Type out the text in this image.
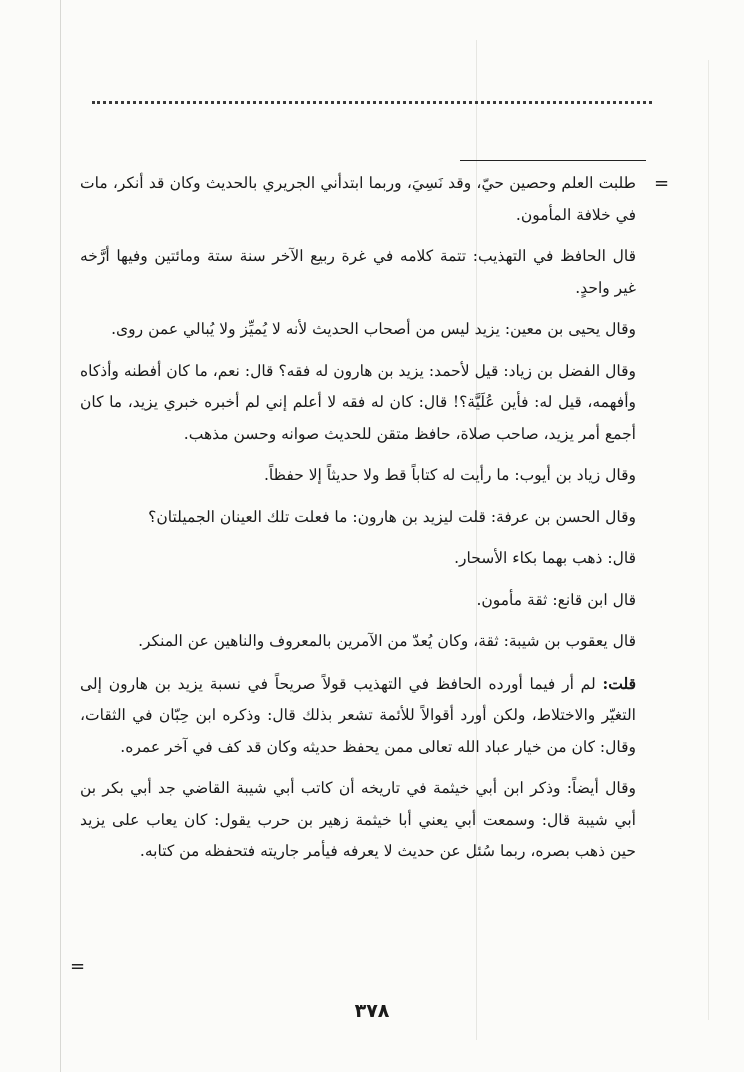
=
=

طلبت العلم وحصين حيّ، وقد نَسِيَ، وربما ابتدأني الجريري بالحديث وكان قد أنكر، مات في خلافة المأمون.

قال الحافظ في التهذيب: تتمة كلامه في غرة ربيع الآخر سنة ستة ومائتين وفيها أرَّخه غير واحدٍ.

وقال يحيى بن معين: يزيد ليس من أصحاب الحديث لأنه لا يُميِّز ولا يُبالي عمن روى.

وقال الفضل بن زياد: قيل لأحمد: يزيد بن هارون له فقه؟ قال: نعم، ما كان أفطنه وأذكاه وأفهمه، قيل له: فأين عُلَيَّة؟! قال: كان له فقه لا أعلم إني لم أخبره خبري يزيد، ما كان أجمع أمر يزيد، صاحب صلاة، حافظ متقن للحديث صوانه وحسن مذهب.

وقال زياد بن أيوب: ما رأيت له كتاباً قط ولا حديثاً إلا حفظاً.

وقال الحسن بن عرفة: قلت ليزيد بن هارون: ما فعلت تلك العينان الجميلتان؟

قال: ذهب بهما بكاء الأسحار.

قال ابن قانع: ثقة مأمون.

قال يعقوب بن شيبة: ثقة، وكان يُعدّ من الآمرين بالمعروف والناهين عن المنكر.

قلت: لم أر فيما أورده الحافظ في التهذيب قولاً صريحاً في نسبة يزيد بن هارون إلى التغيّر والاختلاط، ولكن أورد أقوالاً للأئمة تشعر بذلك قال: وذكره ابن حِبّان في الثقات، وقال: كان من خيار عباد الله تعالى ممن يحفظ حديثه وكان قد كف في آخر عمره.

وقال أيضاً: وذكر ابن أبي خيثمة في تاريخه أن كاتب أبي شيبة القاضي جد أبي بكر بن أبي شيبة قال: وسمعت أبي يعني أبا خيثمة زهير بن حرب يقول: كان يعاب على يزيد حين ذهب بصره، ربما سُئل عن حديث لا يعرفه فيأمر جاريته فتحفظه من كتابه.

٣٧٨
